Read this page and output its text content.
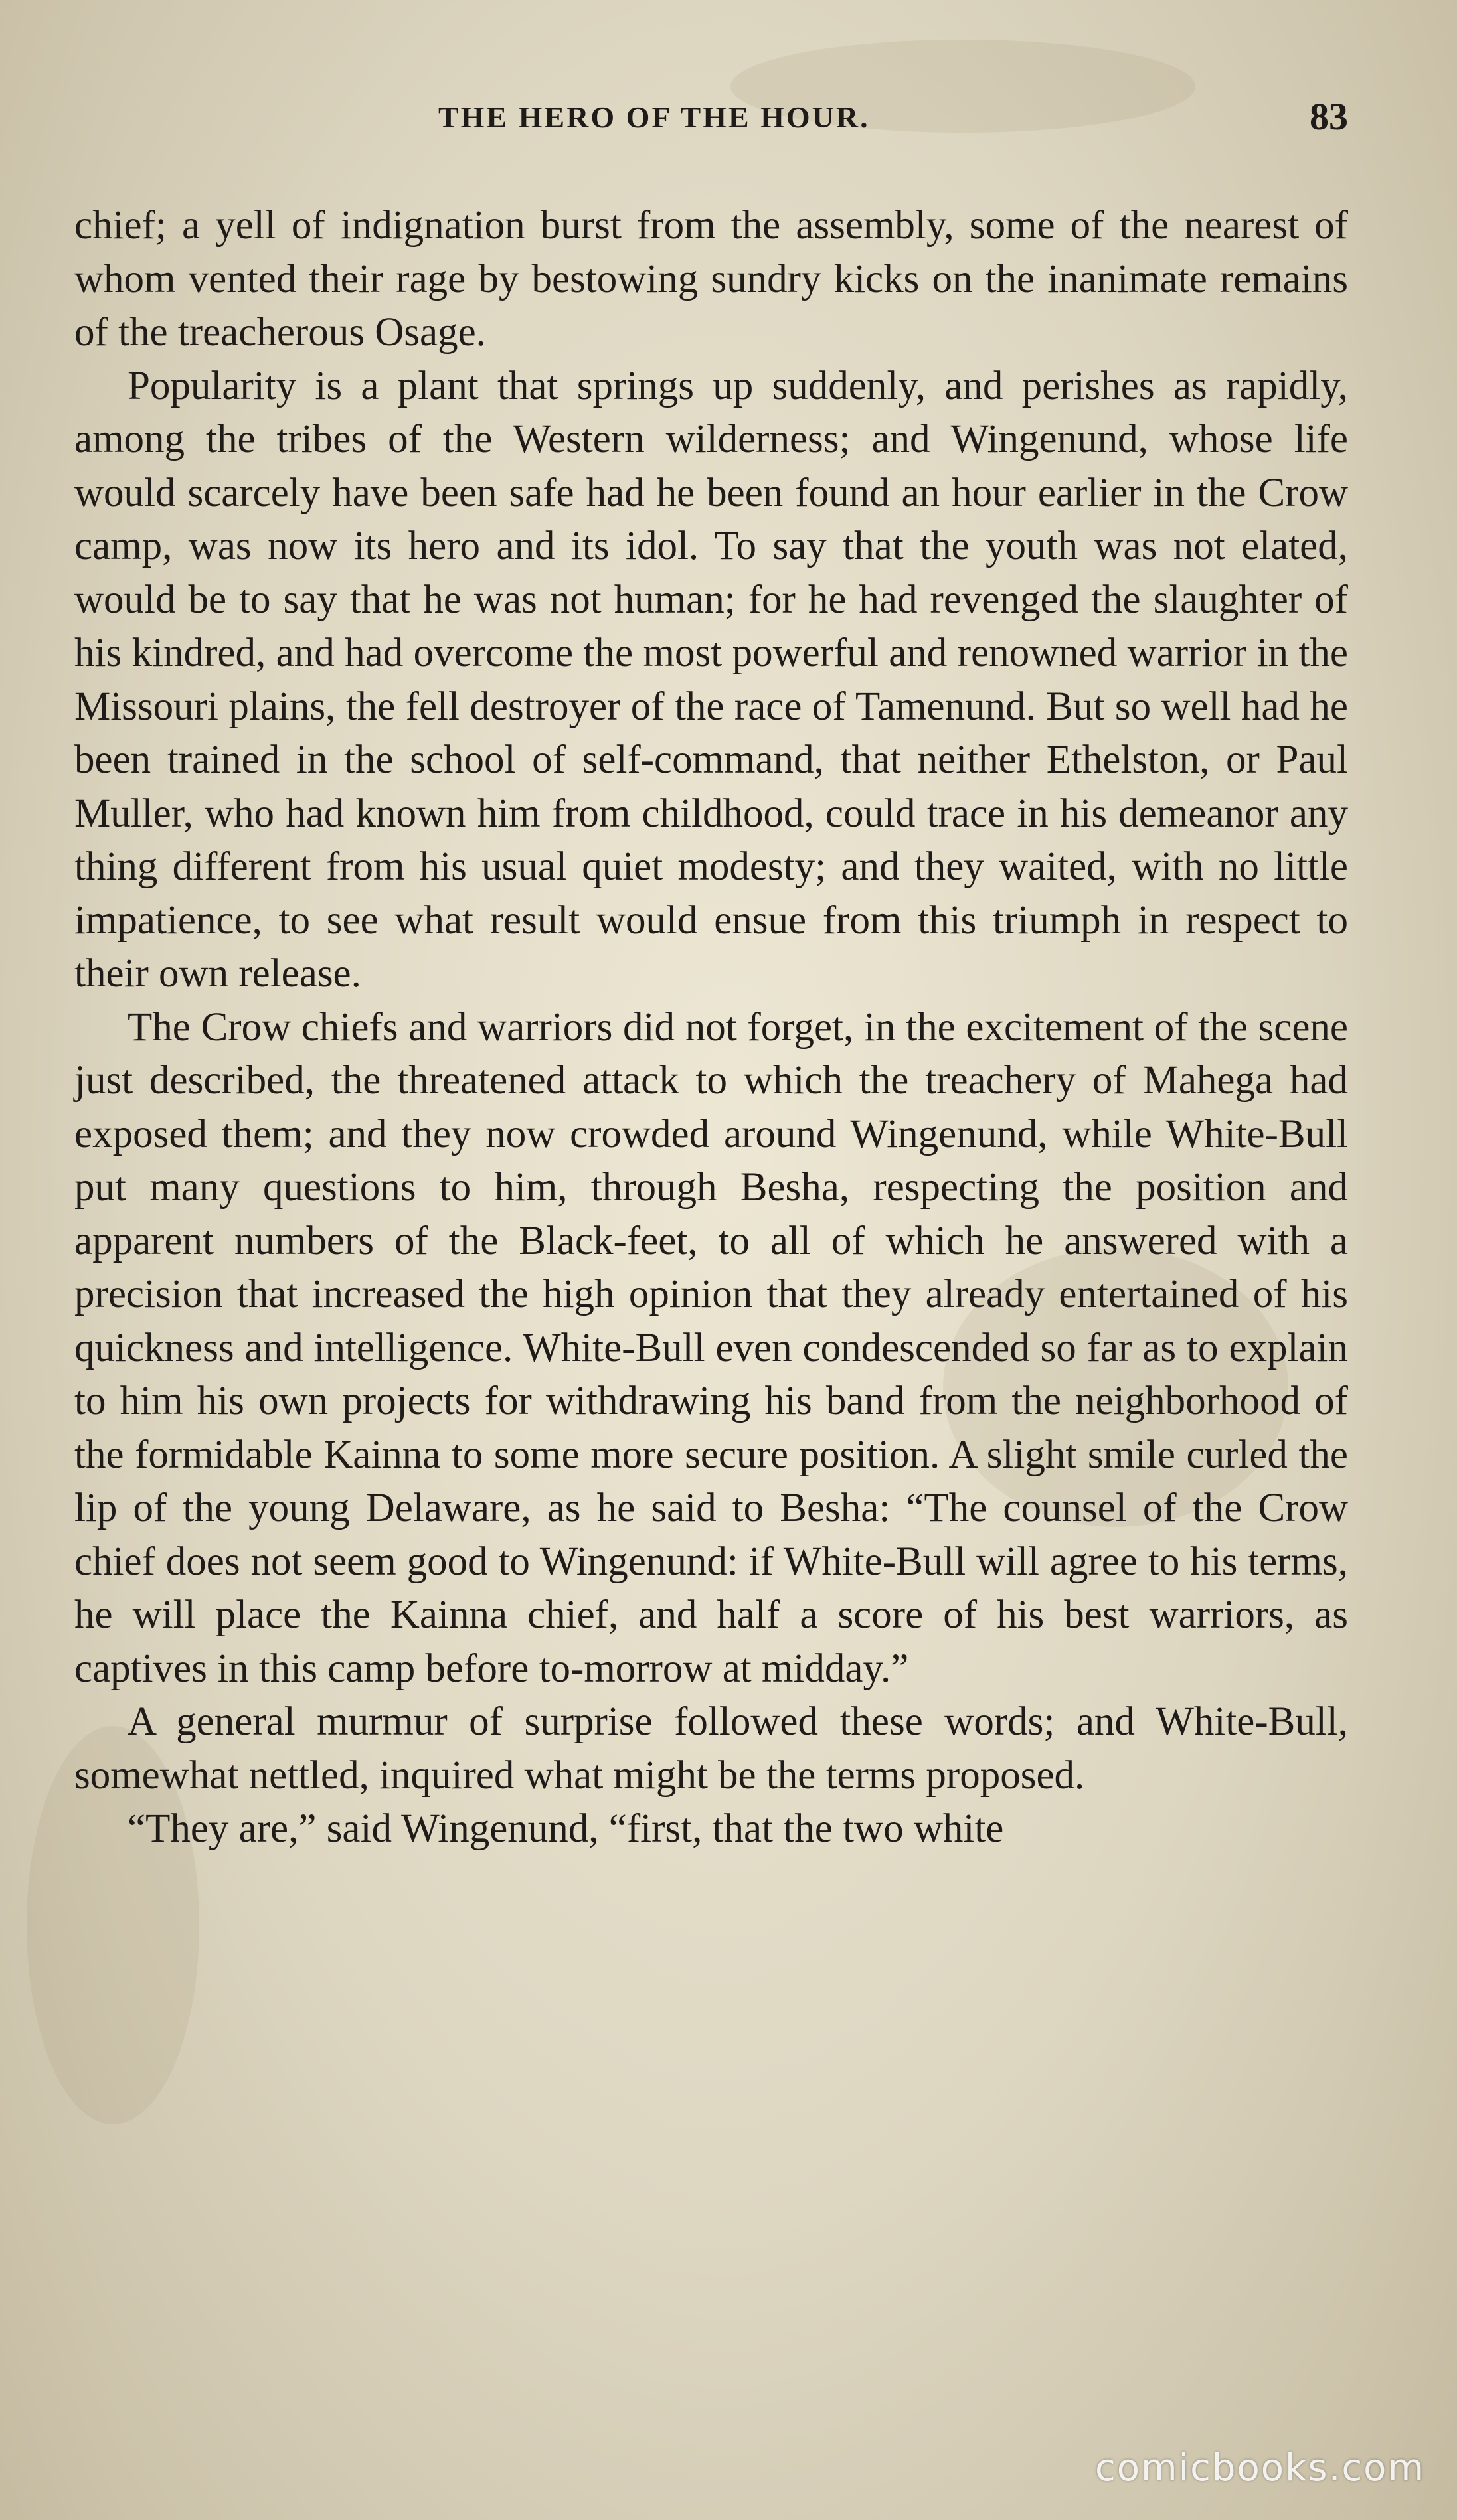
THE HERO OF THE HOUR.	83

chief; a yell of indignation burst from the assembly, some of the nearest of whom vented their rage by bestowing sundry kicks on the inanimate remains of the treacherous Osage.

Popularity is a plant that springs up suddenly, and perishes as rapidly, among the tribes of the Western wilderness; and Wingenund, whose life would scarcely have been safe had he been found an hour earlier in the Crow camp, was now its hero and its idol. To say that the youth was not elated, would be to say that he was not human; for he had revenged the slaughter of his kindred, and had overcome the most powerful and renowned warrior in the Missouri plains, the fell destroyer of the race of Tamenund. But so well had he been trained in the school of self-command, that neither Ethelston, or Paul Muller, who had known him from childhood, could trace in his demeanor any thing different from his usual quiet modesty; and they waited, with no little impatience, to see what result would ensue from this triumph in respect to their own release.

The Crow chiefs and warriors did not forget, in the excitement of the scene just described, the threatened attack to which the treachery of Mahega had exposed them; and they now crowded around Wingenund, while White-Bull put many questions to him, through Besha, respecting the position and apparent numbers of the Black-feet, to all of which he answered with a precision that increased the high opinion that they already entertained of his quickness and intelligence. White-Bull even condescended so far as to explain to him his own projects for withdrawing his band from the neighborhood of the formidable Kainna to some more secure position. A slight smile curled the lip of the young Delaware, as he said to Besha: “The counsel of the Crow chief does not seem good to Wingenund: if White-Bull will agree to his terms, he will place the Kainna chief, and half a score of his best warriors, as captives in this camp before to-morrow at midday.”

A general murmur of surprise followed these words; and White-Bull, somewhat nettled, inquired what might be the terms proposed.

“They are,” said Wingenund, “first, that the two white

comicbooks.com
